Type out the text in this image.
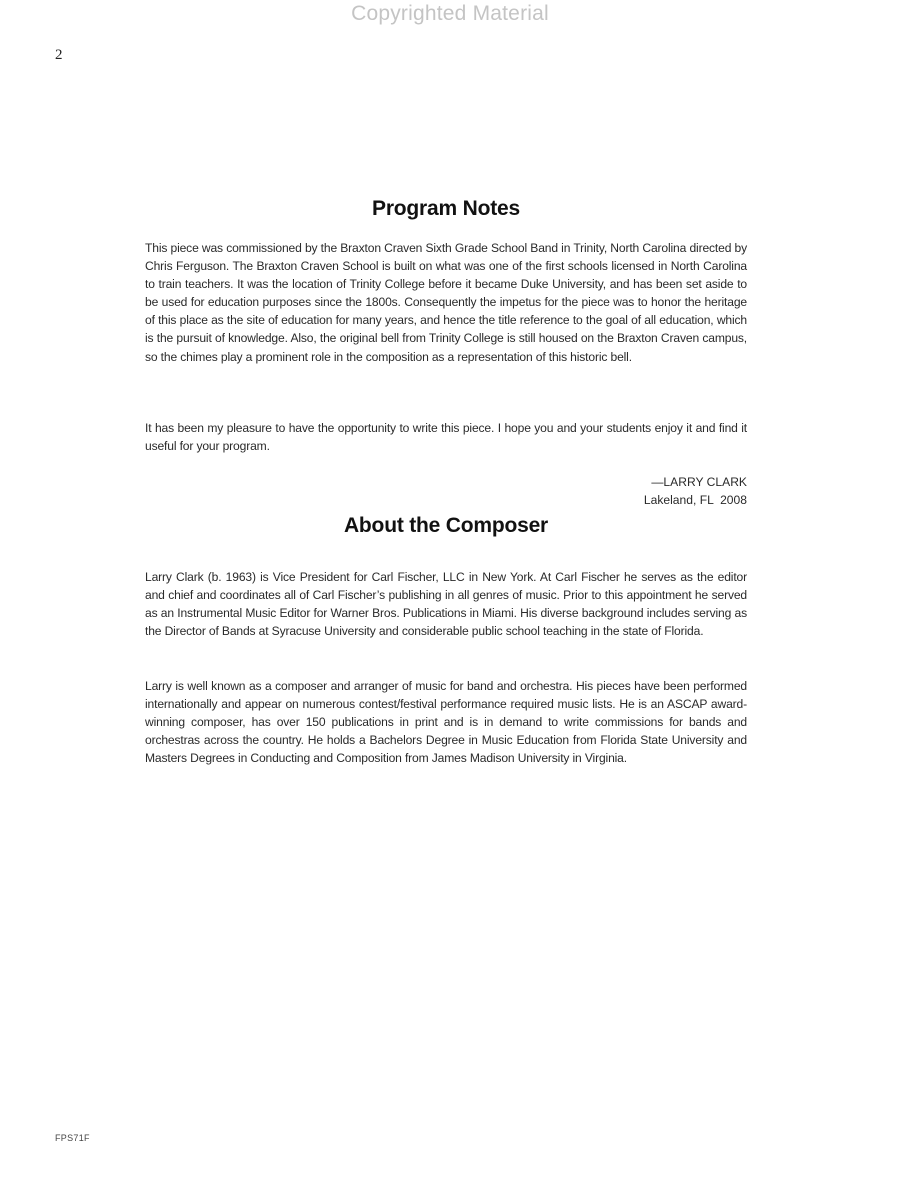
Copyrighted Material
2
Program Notes

This piece was commissioned by the Braxton Craven Sixth Grade School Band in Trinity, North Carolina directed by Chris Ferguson. The Braxton Craven School is built on what was one of the first schools licensed in North Carolina to train teachers. It was the location of Trinity College before it became Duke University, and has been set aside to be used for education purposes since the 1800s. Consequently the impetus for the piece was to honor the heritage of this place as the site of education for many years, and hence the title reference to the goal of all education, which is the pursuit of knowledge. Also, the original bell from Trinity College is still housed on the Braxton Craven campus, so the chimes play a prominent role in the composition as a representation of this historic bell.

It has been my pleasure to have the opportunity to write this piece. I hope you and your students enjoy it and find it useful for your program.

—LARRY CLARK
Lakeland, FL  2008
About the Composer

Larry Clark (b. 1963) is Vice President for Carl Fischer, LLC in New York. At Carl Fischer he serves as the editor and chief and coordinates all of Carl Fischer’s publishing in all genres of music. Prior to this appointment he served as an Instrumental Music Editor for Warner Bros. Publications in Miami. His diverse background includes serving as the Director of Bands at Syracuse University and considerable public school teaching in the state of Florida.

Larry is well known as a composer and arranger of music for band and orchestra. His pieces have been performed internationally and appear on numerous contest/festival performance required music lists. He is an ASCAP award-winning composer, has over 150 publications in print and is in demand to write commissions for bands and orchestras across the country. He holds a Bachelors Degree in Music Education from Florida State University and Masters Degrees in Conducting and Composition from James Madison University in Virginia.

FPS71F
